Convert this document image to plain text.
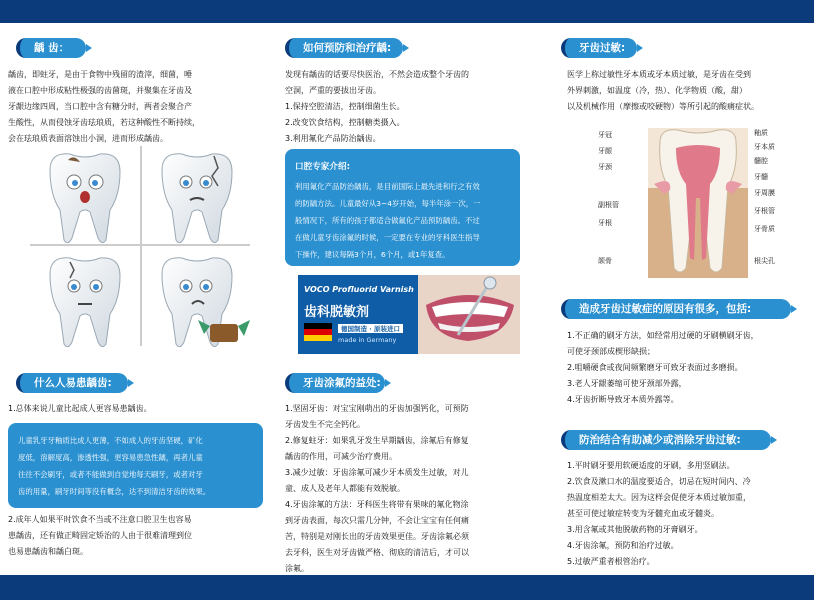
龋 齿：

龋齿，即蛀牙，是由于食物中残留的渣滓，细菌，唾

液在口腔中形成粘性极强的齿菌斑，并聚集在牙齿及

牙龈边缘四周，当口腔中含有糖分时，两者会聚合产

生酸性，从而侵蚀牙齿珐琅质，若这种酸性不断持续，

会在珐琅质表面溶蚀出小洞，进而形成龋齿。

什么人易患龋齿:
1.总体来说儿童比起成人更容易患龋齿。
儿童乳牙牙釉质比成人更薄，不如成人的牙齿坚硬，矿化
度低，溶解度高，渗透性强，更容易患急性龋，再者儿童
往往不会刷牙，或者不能做到自觉地每天刷牙，或者对牙
齿的用量，刷牙时间等没有概念，达不到清洁牙齿的效果。

2.成年人如果平时饮食不当或不注意口腔卫生也容易

患龋齿，还有做正畸固定矫治的人由于很难清理到位

也易患龋齿和龋白斑。

如何预防和治疗龋:

发现有龋齿的话要尽快医治，不然会造成整个牙齿的

空洞，严重的要拔出牙齿。

1.保持空腔清洁，控制细菌生长。

2.改变饮食结构，控制糖类摄入。

3.利用氟化产品防治龋齿。

口腔专家介绍:
利用氟化产品防治龋齿，是目前国际上最先进和行之有效
的防龋方法。儿童最好从3~4岁开始，每半年涂一次，一
般情况下，所有的孩子都适合做氟化产品预防龋齿。不过
在做儿童牙齿涂氟的时候，一定要在专业的牙科医生指导
下操作，建议每隔3个月，6个月，或1年复查。
VOCO Profluorid Varnish
齿科脱敏剂
德国制造 · 原装进口
made in Germany
牙齿涂氟的益处:

1.坚固牙齿：对宝宝刚萌出的牙齿加强钙化，可预防

牙齿发生不完全钙化。

2.修复蛀牙：如果乳牙发生早期龋齿，涂氟后有修复

龋齿的作用，可减少治疗费用。

3.减少过敏：牙齿涂氟可减少牙本质发生过敏，对儿

童、成人及老年人都能有效脱敏。

4.牙齿涂氟的方法：牙科医生将带有果味的氟化物涂

到牙齿表面，每次只需几分钟，不会让宝宝有任何痛

苦，特别是对刚长出的牙齿效果更佳。牙齿涂氟必须

去牙科，医生对牙齿做严格、彻底的清洁后，才可以

涂氟。

牙齿过敏:

医学上称过敏性牙本质或牙本质过敏，是牙齿在受到

外界刺激，如温度（冷，热）、化学物质（酸，甜）

以及机械作用（摩擦或咬硬物）等所引起的酸痛症状。

牙冠
牙龈
牙颈
副根管
牙根
颌骨
釉质
牙本质
髓腔
牙髓
牙周膜
牙根管
牙骨质
根尖孔
造成牙齿过敏症的原因有很多，包括:

1.不正确的刷牙方法，如经常用过硬的牙刷横刷牙齿，

可使牙颈部成楔形缺损；

2.咀嚼硬食或夜间频繁磨牙可致牙表面过多磨损。

3.老人牙龈萎缩可使牙颈部外露，

4.牙齿折断导致牙本质外露等。

防治结合有助减少或消除牙齿过敏:

1.平时刷牙要用软硬适度的牙刷，多用竖刷法。

2.饮食及漱口水的温度要适合，切忌在短时间内、冷

热温度相差太大。因为这样会促使牙本质过敏加重，

甚至可使过敏症转变为牙髓充血或牙髓炎。

3.用含氟或其他脱敏药物的牙膏刷牙。

4.牙齿涂氟，预防和治疗过敏。

5.过敏严重者根管治疗。
